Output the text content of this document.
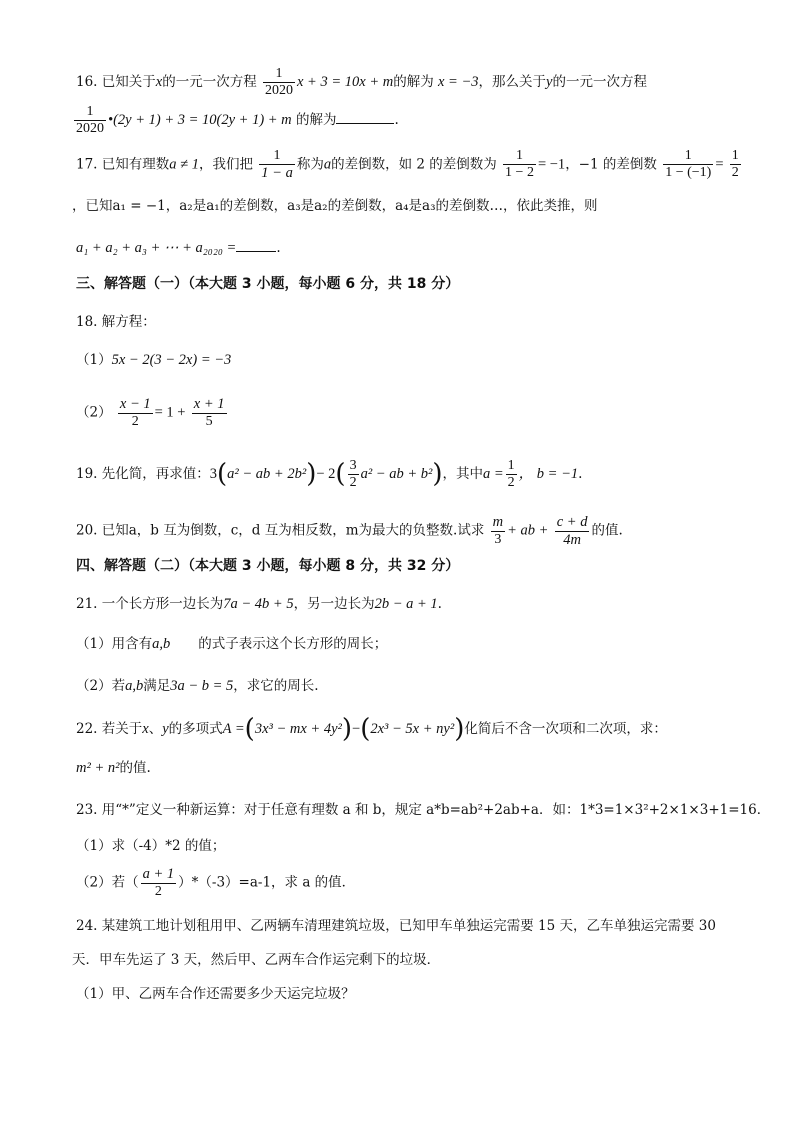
16. 已知关于x的一元一次方程 $\frac{1}{2020}$ x + 3 = 10x + m的解为 x = −3，那么关于y的一元一次方程
$\frac{1}{2020}$ •(2y + 1) + 3 = 10(2y + 1) + m 的解为	.
17. 已知有理数a ≠ 1，我们把 $\frac{1}{1 - a}$ 称为a的差倒数，如 2 的差倒数为 $\frac{1}{1 - 2} = -1$，−1 的差倒数 $\frac{1}{1 - (-1)} = \frac{1}{2}$
，已知a₁ = −1，a₂是a₁的差倒数，a₃是a₂的差倒数，a₄是a₃的差倒数…，依此类推，则
a₁ + a₂ + a₃ + ⋯ + a₂₀₂₀ =	.
三、解答题（一）（本大题 3 小题，每小题 6 分，共 18 分）
18. 解方程：
（1）5x − 2(3 − 2x) = −3
$(2) \frac{x - 1}{2} = 1 + \frac{x + 1}{5}$
19. 先化简，再求值：3(a² − ab + $2b^2)- 2( \frac{3}{2} a^2$ − ab + b²)，其中$a = \frac{1}{2}$ ， b = −1.
20. 已知a，b 互为倒数，c，d 互为相反数，m为最大的负整数.试求 $\frac{m}{3}$ + ab + $\frac{c + d}{4m}$ 的值.
四、解答题（二）（本大题 3 小题，每小题 8 分，共 32 分）
21. 一个长方形一边长为7a − 4b + 5，另一边长为2b − a + 1.
（1）用含有a,b 的式子表示这个长方形的周长；
（2）若a,b满足3a − b = 5，求它的周长.
22. 若关于x、y的多项式A =(3x³ − mx + 4y²)−(2x³ − 5x + ny²)化简后不含一次项和二次项，求：
m² + n²的值.
23. 用“*”定义一种新运算：对于任意有理数 a 和 b，规定 a*b=ab²+2ab+a．如：1*3=1×3²+2×1×3+1=16．
（1）求（-4）*2 的值；
（2）若（ $\frac{a + 1}{2} )*(-3)=a-1$，求 a 的值．
24. 某建筑工地计划租用甲、乙两辆车清理建筑垃圾，已知甲车单独运完需要 15 天，乙车单独运完需要 30
天．甲车先运了 3 天，然后甲、乙两车合作运完剩下的垃圾．
（1）甲、乙两车合作还需要多少天运完垃圾？
